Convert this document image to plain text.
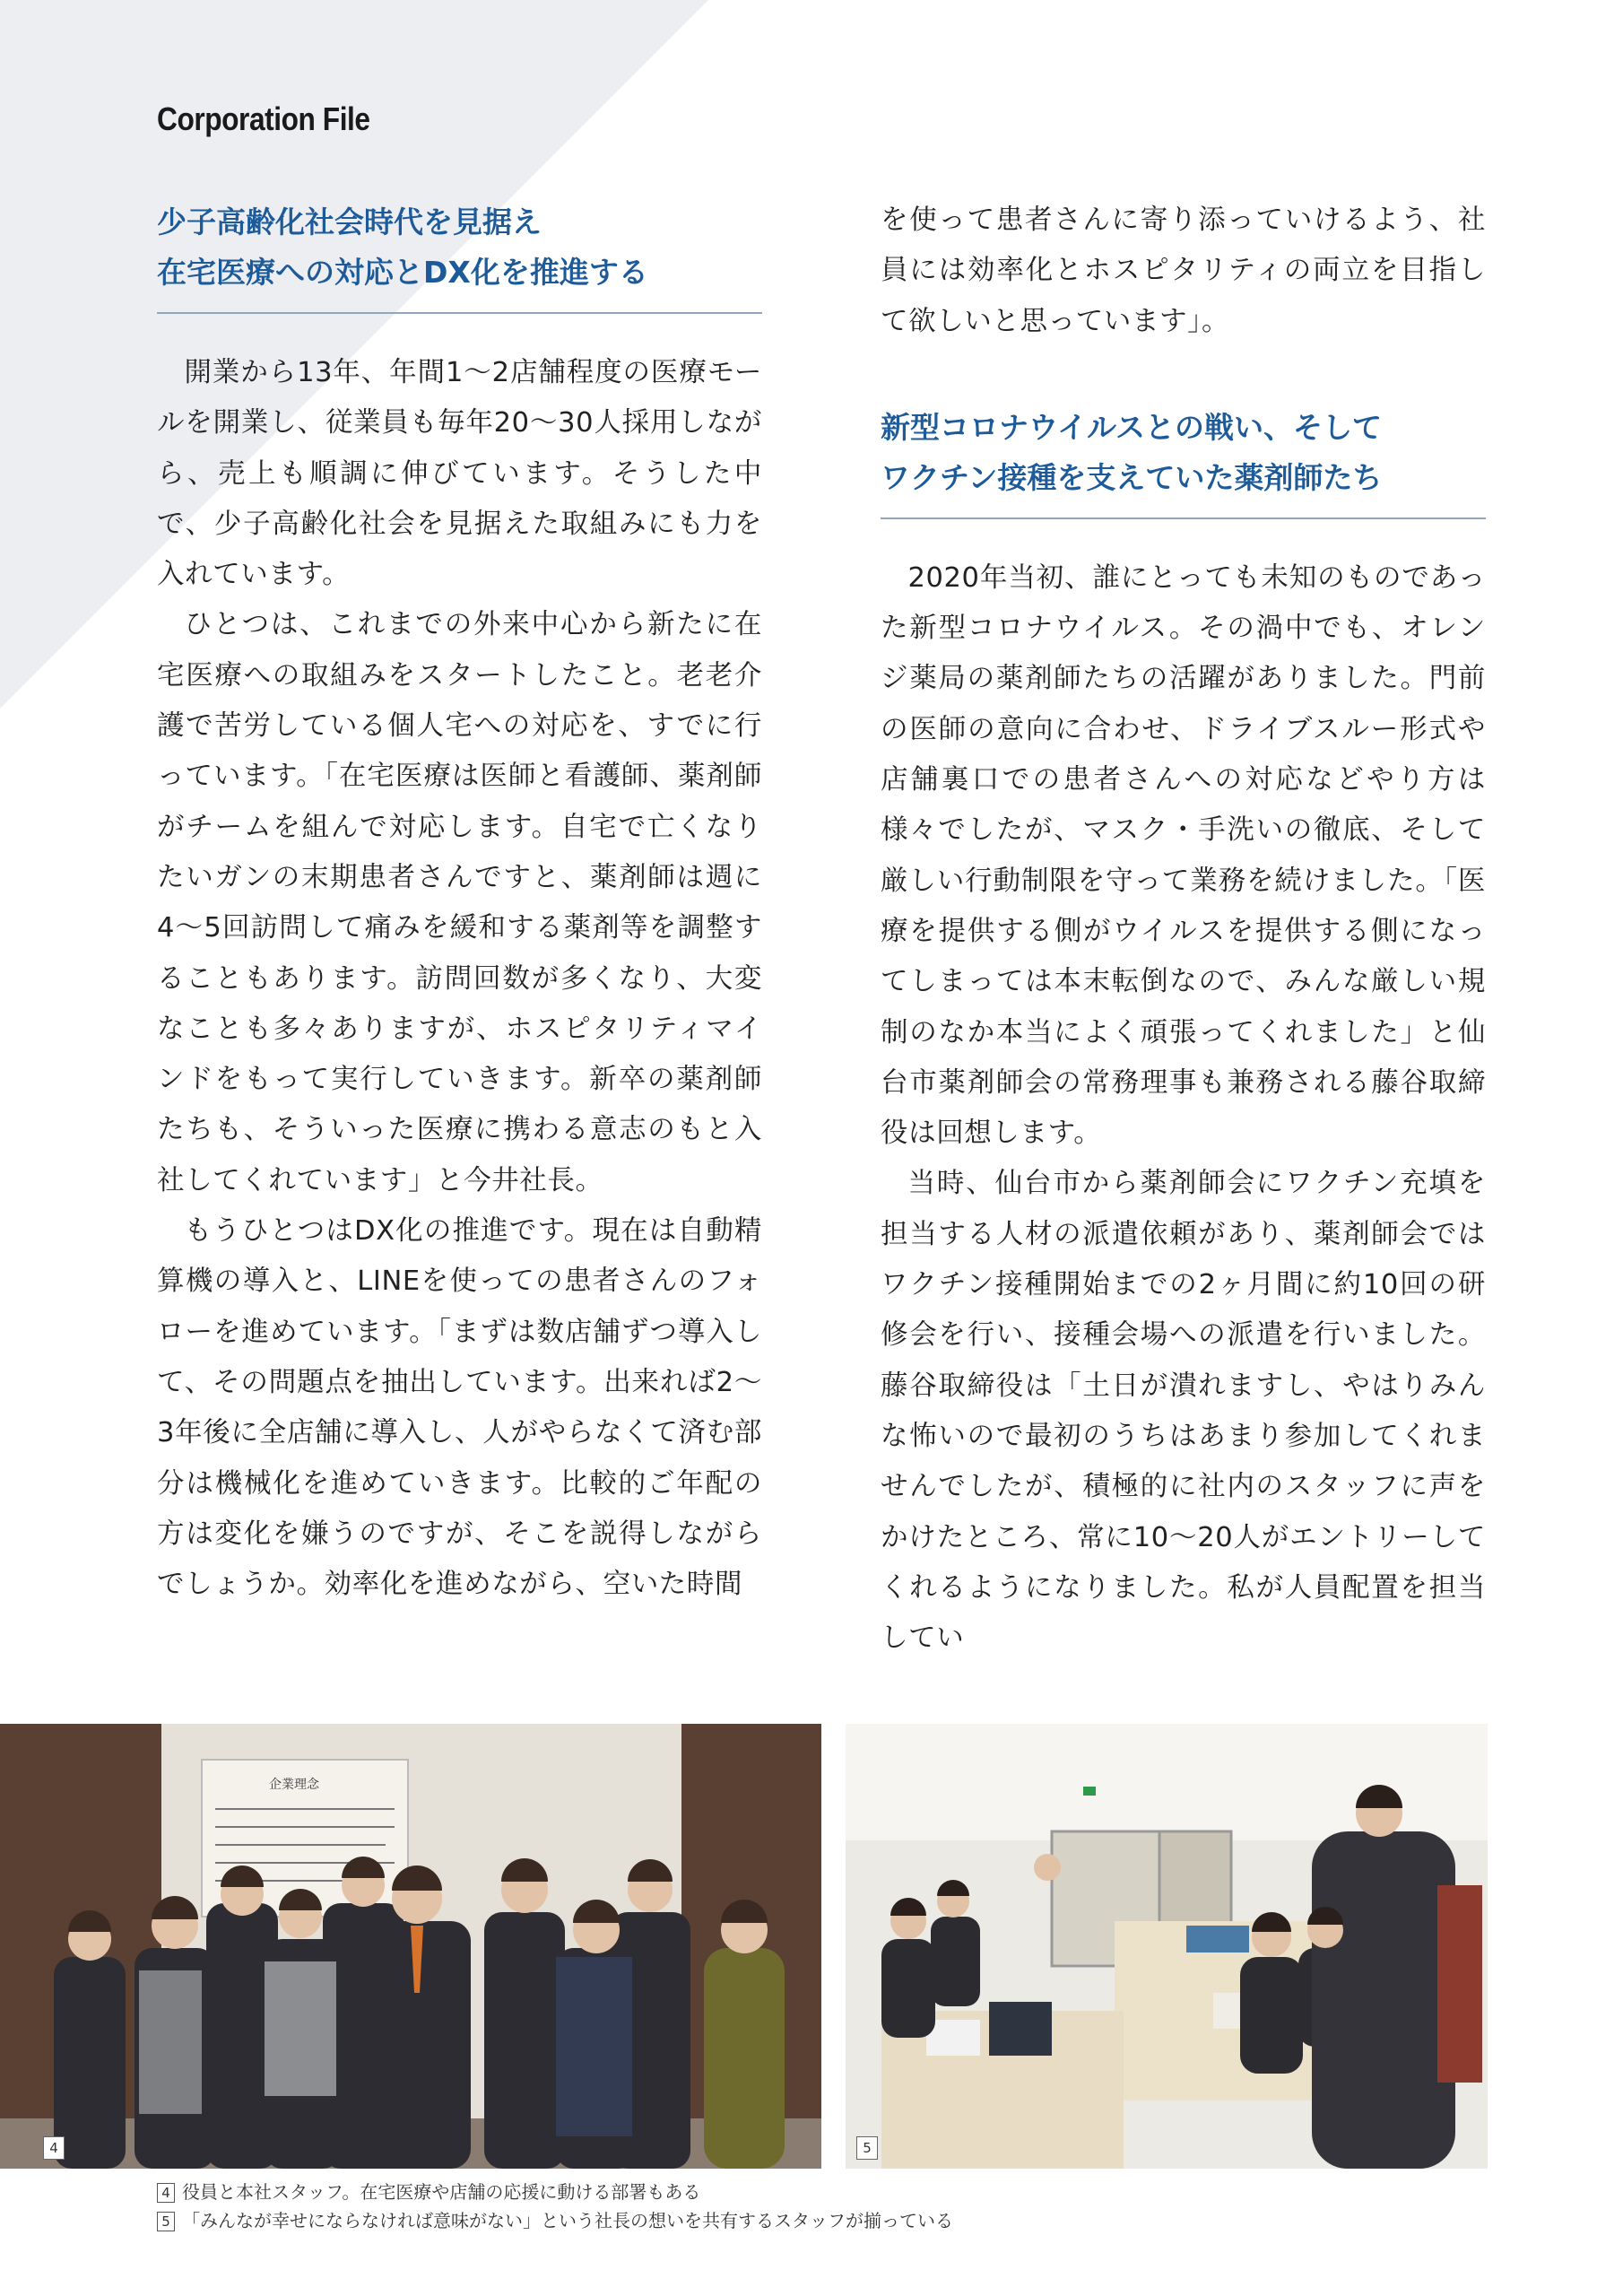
Corporation File
少子高齢化社会時代を見据え
在宅医療への対応とDX化を推進する

開業から13年、年間1〜2店舗程度の医療モールを開業し、従業員も毎年20〜30人採用しながら、売上も順調に伸びています。そうした中で、少子高齢化社会を見据えた取組みにも力を入れています。

ひとつは、これまでの外来中心から新たに在宅医療への取組みをスタートしたこと。老老介護で苦労している個人宅への対応を、すでに行っています。「在宅医療は医師と看護師、薬剤師がチームを組んで対応します。自宅で亡くなりたいガンの末期患者さんですと、薬剤師は週に4〜5回訪問して痛みを緩和する薬剤等を調整することもあります。訪問回数が多くなり、大変なことも多々ありますが、ホスピタリティマインドをもって実行していきます。新卒の薬剤師たちも、そういった医療に携わる意志のもと入社してくれています」と今井社長。

もうひとつはDX化の推進です。現在は自動精算機の導入と、LINEを使っての患者さんのフォローを進めています。「まずは数店舗ずつ導入して、その問題点を抽出しています。出来れば2〜3年後に全店舗に導入し、人がやらなくて済む部分は機械化を進めていきます。比較的ご年配の方は変化を嫌うのですが、そこを説得しながらでしょうか。効率化を進めながら、空いた時間

を使って患者さんに寄り添っていけるよう、社員には効率化とホスピタリティの両立を目指して欲しいと思っています」。

新型コロナウイルスとの戦い、そして
ワクチン接種を支えていた薬剤師たち

2020年当初、誰にとっても未知のものであった新型コロナウイルス。その渦中でも、オレンジ薬局の薬剤師たちの活躍がありました。門前の医師の意向に合わせ、ドライブスルー形式や店舗裏口での患者さんへの対応などやり方は様々でしたが、マスク・手洗いの徹底、そして厳しい行動制限を守って業務を続けました。「医療を提供する側がウイルスを提供する側になってしまっては本末転倒なので、みんな厳しい規制のなか本当によく頑張ってくれました」と仙台市薬剤師会の常務理事も兼務される藤谷取締役は回想します。

当時、仙台市から薬剤師会にワクチン充填を担当する人材の派遣依頼があり、薬剤師会ではワクチン接種開始までの2ヶ月間に約10回の研修会を行い、接種会場への派遣を行いました。藤谷取締役は「土日が潰れますし、やはりみんな怖いので最初のうちはあまり参加してくれませんでしたが、積極的に社内のスタッフに声をかけたところ、常に10〜20人がエントリーしてくれるようになりました。私が人員配置を担当してい

企業理念
4	5
4 役員と本社スタッフ。在宅医療や店舗の応援に動ける部署もある
5 「みんなが幸せにならなければ意味がない」という社長の想いを共有するスタッフが揃っている
